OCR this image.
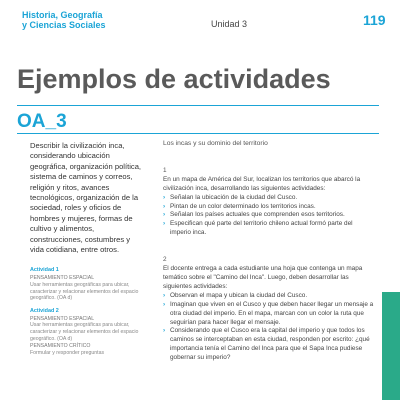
Historia, Geografía
y Ciencias Sociales	Unidad 3	119
Ejemplos de actividades
OA_3

Describir la civilización inca, considerando ubicación geográfica, organización política, sistema de caminos y correos, religión y ritos, avances tecnológicos, organización de la sociedad, roles y oficios de hombres y mujeres, formas de cultivo y alimentos, construcciones, costumbres y vida cotidiana, entre otros.

Actividad 1
PENSAMIENTO ESPACIAL
Usar herramientas geográficas para ubicar, caracterizar y relacionar elementos del espacio geográfico. (OA d)
Actividad 2
PENSAMIENTO ESPACIAL
Usar herramientas geográficas para ubicar, caracterizar y relacionar elementos del espacio geográfico. (OA d)
PENSAMIENTO CRÍTICO
Formular y responder preguntas
Los incas y su dominio del territorio
1

En un mapa de América del Sur, localizan los territorios que abarcó la civilización inca, desarrollando las siguientes actividades:

› Señalan la ubicación de la ciudad del Cusco.
› Pintan de un color determinado los territorios incas.
› Señalan los países actuales que comprenden esos territorios.
› Especifican qué parte del territorio chileno actual formó parte del imperio inca.
2

El docente entrega a cada estudiante una hoja que contenga un mapa temático sobre el "Camino del Inca". Luego, deben desarrollar las siguientes actividades:

› Observan el mapa y ubican la ciudad del Cusco.
› Imaginan que viven en el Cusco y que deben hacer llegar un mensaje a otra ciudad del imperio. En el mapa, marcan con un color la ruta que seguirían para hacer llegar el mensaje.
› Considerando que el Cusco era la capital del imperio y que todos los caminos se interceptaban en esta ciudad, responden por escrito: ¿qué importancia tenía el Camino del Inca para que el Sapa Inca pudiese gobernar su imperio?
